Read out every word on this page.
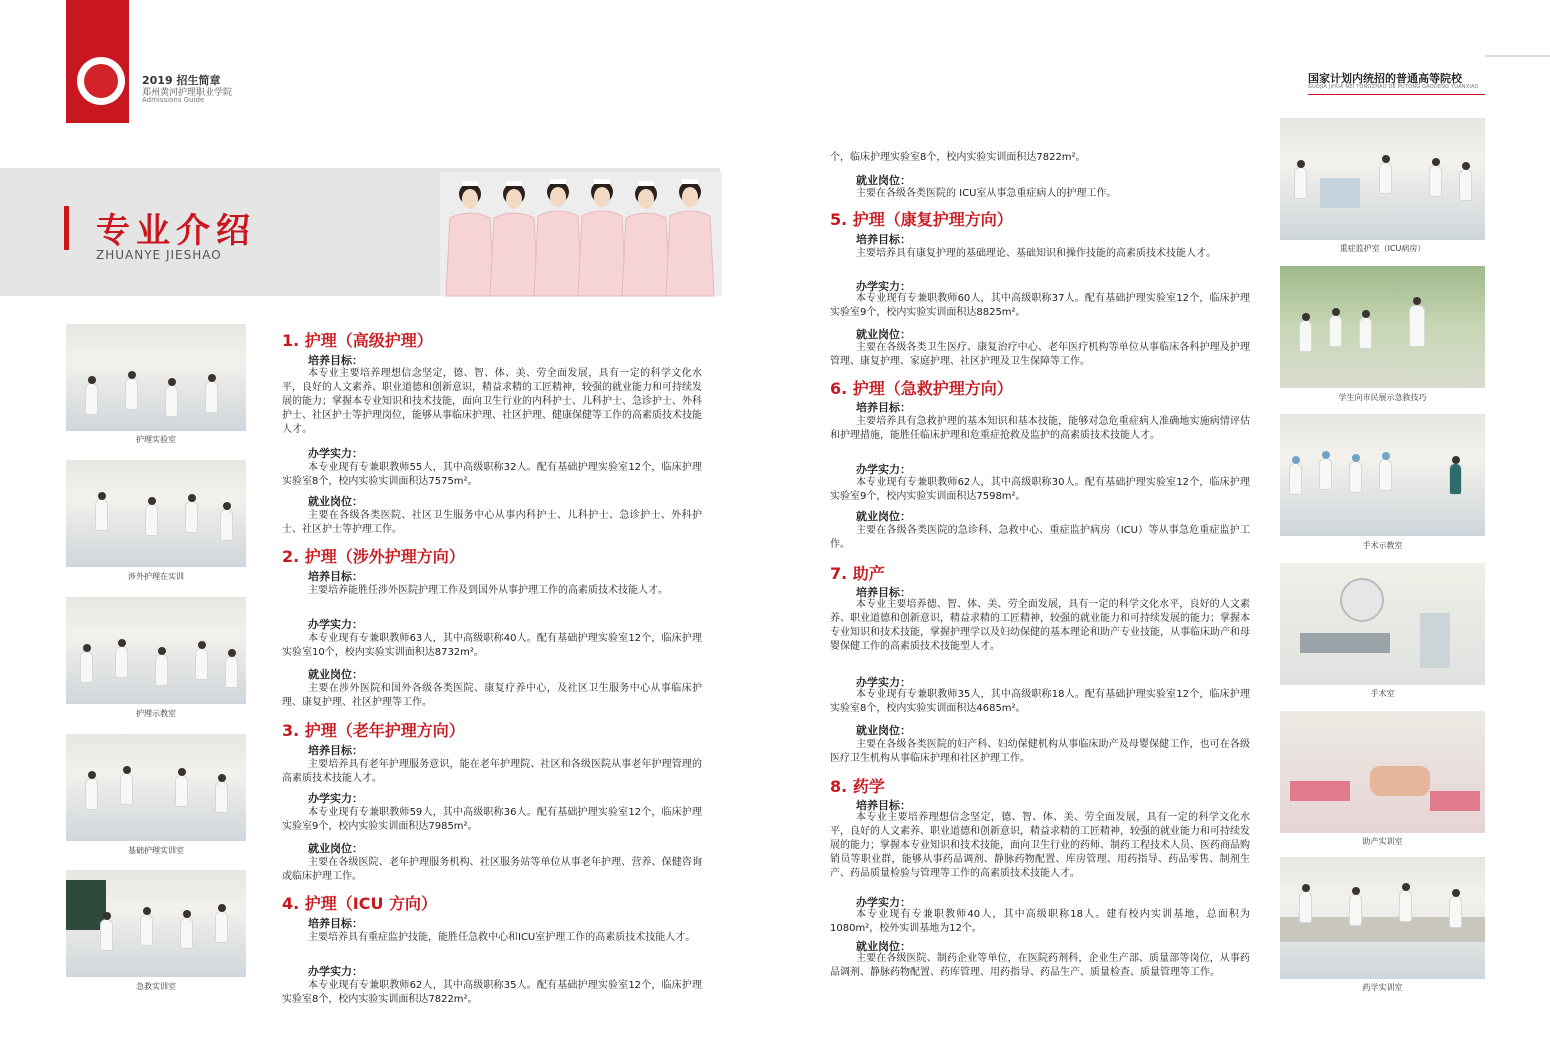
2019 招生简章
郑州黄河护理职业学院
Admissions Guide
国家计划内统招的普通高等院校
GUOJIA JIHUA NEI TONGZHAO DE PUTONG GAODENG YUANXIAO
专业介绍
ZHUANYE JIESHAO
护理实验室
涉外护理在实训
护理示教室
基础护理实训室
急救实训室
重症监护室（ICU病房）
学生向市民展示急救技巧
手术示教室
手术室
助产实训室
药学实训室
1. 护理（高级护理）
培养目标：
本专业主要培养理想信念坚定，德、智、体、美、劳全面发展，具有一定的科学文化水平，良好的人文素养、职业道德和创新意识，精益求精的工匠精神，较强的就业能力和可持续发展的能力；掌握本专业知识和技术技能，面向卫生行业的内科护士、儿科护士、急诊护士、外科护士、社区护士等护理岗位，能够从事临床护理、社区护理、健康保健等工作的高素质技术技能人才。
办学实力：
本专业现有专兼职教师55人，其中高级职称32人。配有基础护理实验室12个，临床护理实验室8个，校内实验实训面积达7575m²。
就业岗位：
主要在各级各类医院、社区卫生服务中心从事内科护士、儿科护士、急诊护士、外科护士、社区护士等护理工作。
2. 护理（涉外护理方向）
培养目标：
主要培养能胜任涉外医院护理工作及到国外从事护理工作的高素质技术技能人才。
办学实力：
本专业现有专兼职教师63人，其中高级职称40人。配有基础护理实验室12个，临床护理实验室10个，校内实验实训面积达8732m²。
就业岗位：
主要在涉外医院和国外各级各类医院、康复疗养中心，及社区卫生服务中心从事临床护理、康复护理、社区护理等工作。
3. 护理（老年护理方向）
培养目标：
主要培养具有老年护理服务意识，能在老年护理院、社区和各级医院从事老年护理管理的高素质技术技能人才。
办学实力：
本专业现有专兼职教师59人，其中高级职称36人。配有基础护理实验室12个，临床护理实验室9个，校内实验实训面积达7985m²。
就业岗位：
主要在各级医院、老年护理服务机构、社区服务站等单位从事老年护理、营养、保健咨询或临床护理工作。
4. 护理（ICU 方向）
培养目标：
主要培养具有重症监护技能，能胜任急救中心和ICU室护理工作的高素质技术技能人才。
办学实力：
本专业现有专兼职教师62人，其中高级职称35人。配有基础护理实验室12个，临床护理实验室8个，校内实验实训面积达7822m²。
个，临床护理实验室8个，校内实验实训面积达7822m²。
就业岗位：
主要在各级各类医院的 ICU室从事急重症病人的护理工作。
5. 护理（康复护理方向）
培养目标：
主要培养具有康复护理的基础理论、基础知识和操作技能的高素质技术技能人才。
办学实力：
本专业现有专兼职教师60人，其中高级职称37人。配有基础护理实验室12个，临床护理实验室9个，校内实验实训面积达8825m²。
就业岗位：
主要在各级各类卫生医疗、康复治疗中心、老年医疗机构等单位从事临床各科护理及护理管理、康复护理、家庭护理、社区护理及卫生保障等工作。
6. 护理（急救护理方向）
培养目标：
主要培养具有急救护理的基本知识和基本技能，能够对急危重症病人准确地实施病情评估和护理措施，能胜任临床护理和危重症抢救及监护的高素质技术技能人才。
办学实力：
本专业现有专兼职教师62人，其中高级职称30人。配有基础护理实验室12个，临床护理实验室9个，校内实验实训面积达7598m²。
就业岗位：
主要在各级各类医院的急诊科、急救中心、重症监护病房（ICU）等从事急危重症监护工作。
7. 助产
培养目标：
本专业主要培养德、智、体、美、劳全面发展，具有一定的科学文化水平，良好的人文素养、职业道德和创新意识，精益求精的工匠精神，较强的就业能力和可持续发展的能力；掌握本专业知识和技术技能，掌握护理学以及妇幼保健的基本理论和助产专业技能，从事临床助产和母婴保健工作的高素质技术技能型人才。
办学实力：
本专业现有专兼职教师35人，其中高级职称18人。配有基础护理实验室12个，临床护理实验室8个，校内实验实训面积达4685m²。
就业岗位：
主要在各级各类医院的妇产科、妇幼保健机构从事临床助产及母婴保健工作，也可在各级医疗卫生机构从事临床护理和社区护理工作。
8. 药学
培养目标：
本专业主要培养理想信念坚定，德、智、体、美、劳全面发展，具有一定的科学文化水平，良好的人文素养、职业道德和创新意识，精益求精的工匠精神，较强的就业能力和可持续发展的能力；掌握本专业知识和技术技能，面向卫生行业的药师、制药工程技术人员、医药商品购销员等职业群，能够从事药品调剂、静脉药物配置、库房管理、用药指导、药品零售、制剂生产、药品质量检验与管理等工作的高素质技术技能人才。
办学实力：
本专业现有专兼职教师40人，其中高级职称18人。建有校内实训基地，总面积为1080m²，校外实训基地为12个。
就业岗位：
主要在各级医院、制药企业等单位，在医院药剂科，企业生产部、质量部等岗位，从事药品调剂、静脉药物配置、药库管理、用药指导、药品生产、质量检查、质量管理等工作。
